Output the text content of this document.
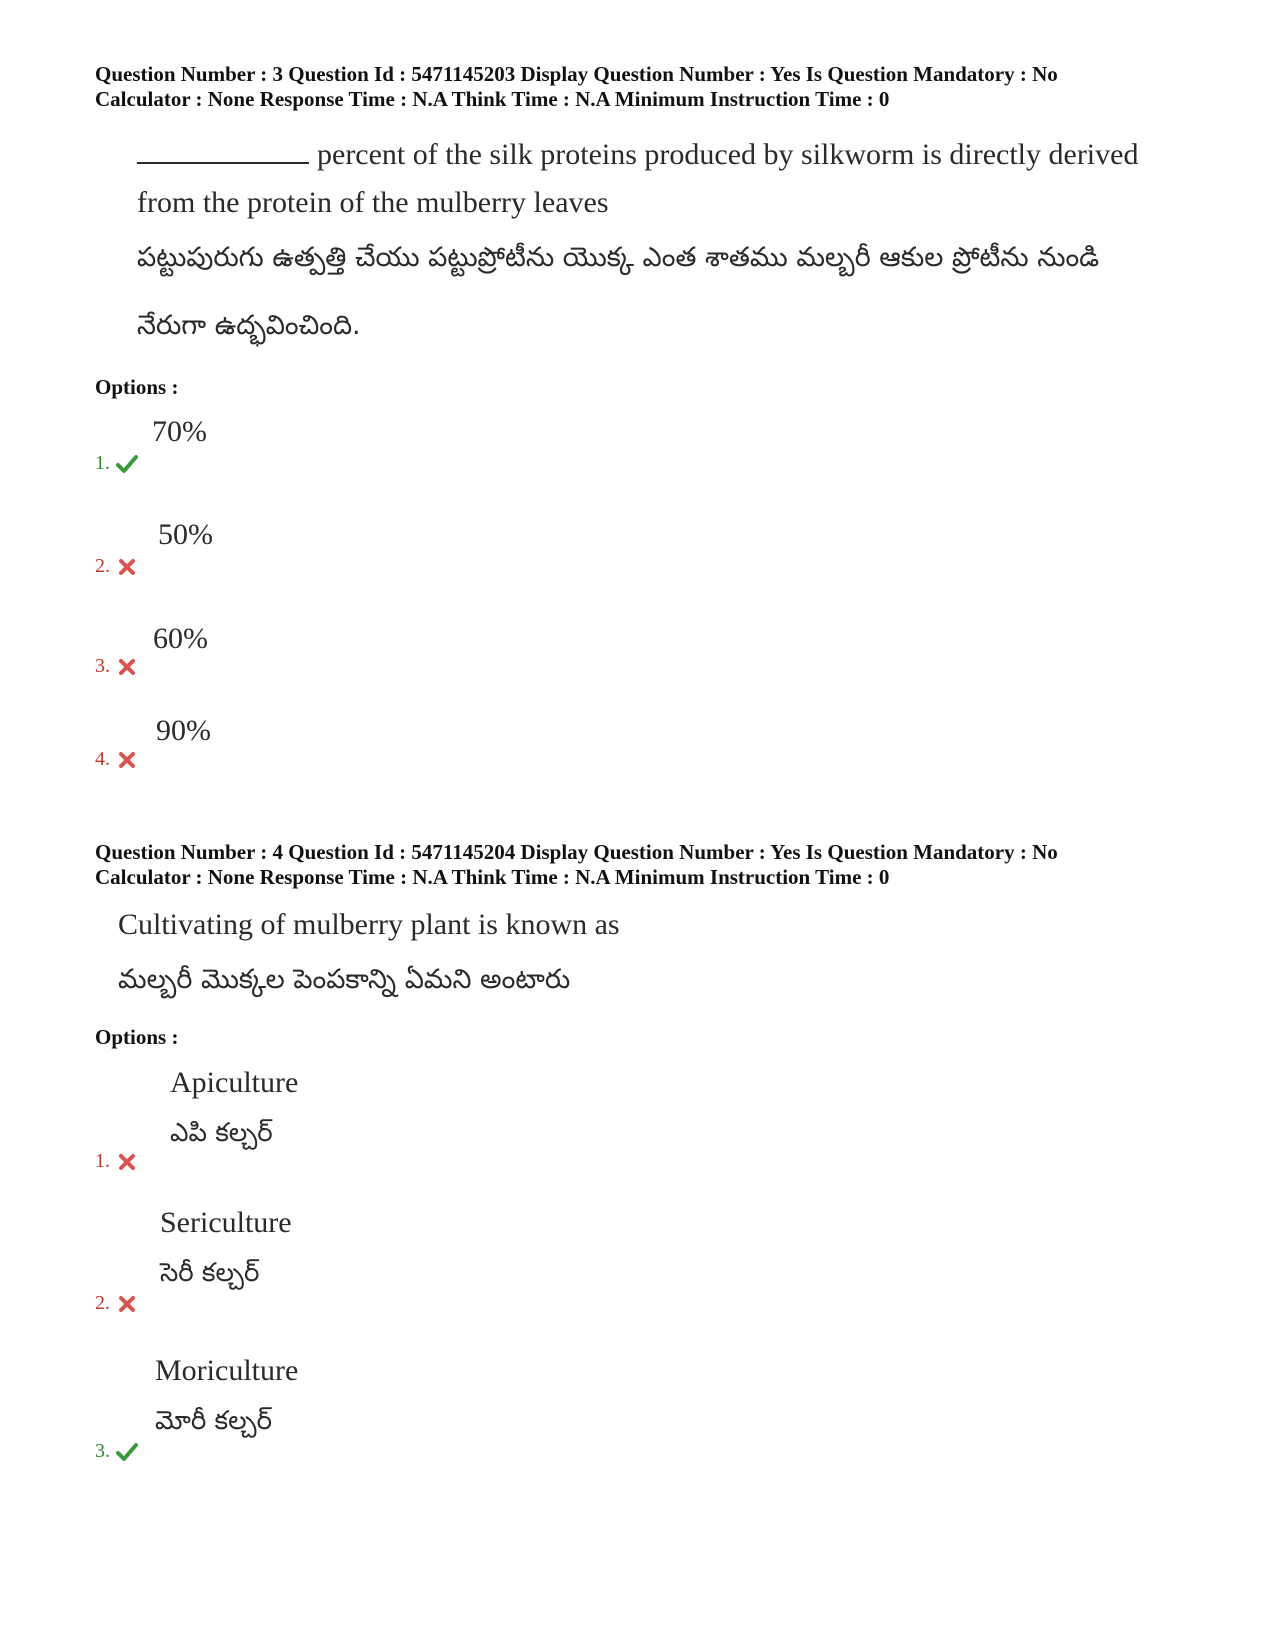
Question Number : 3 Question Id : 5471145203 Display Question Number : Yes Is Question Mandatory : No
Calculator : None Response Time : N.A Think Time : N.A Minimum Instruction Time : 0
percent of the silk proteins produced by silkworm is directly derived
from the protein of the mulberry leaves
పట్టుపురుగు ఉత్పత్తి చేయు పట్టుప్రోటీను యొక్క ఎంత శాతము మల్బరీ ఆకుల ప్రోటీను నుండి
నేరుగా ఉద్భవించింది.
Options :
70%
1.
50%
2.
60%
3.
90%
4.
Question Number : 4 Question Id : 5471145204 Display Question Number : Yes Is Question Mandatory : No
Calculator : None Response Time : N.A Think Time : N.A Minimum Instruction Time : 0
Cultivating of mulberry plant is known as
మల్బరీ మొక్కల పెంపకాన్ని ఏమని అంటారు
Options :
Apiculture
ఎపి కల్చర్
1.
Sericulture
సెరీ కల్చర్
2.
Moriculture
మోరీ కల్చర్
3.
